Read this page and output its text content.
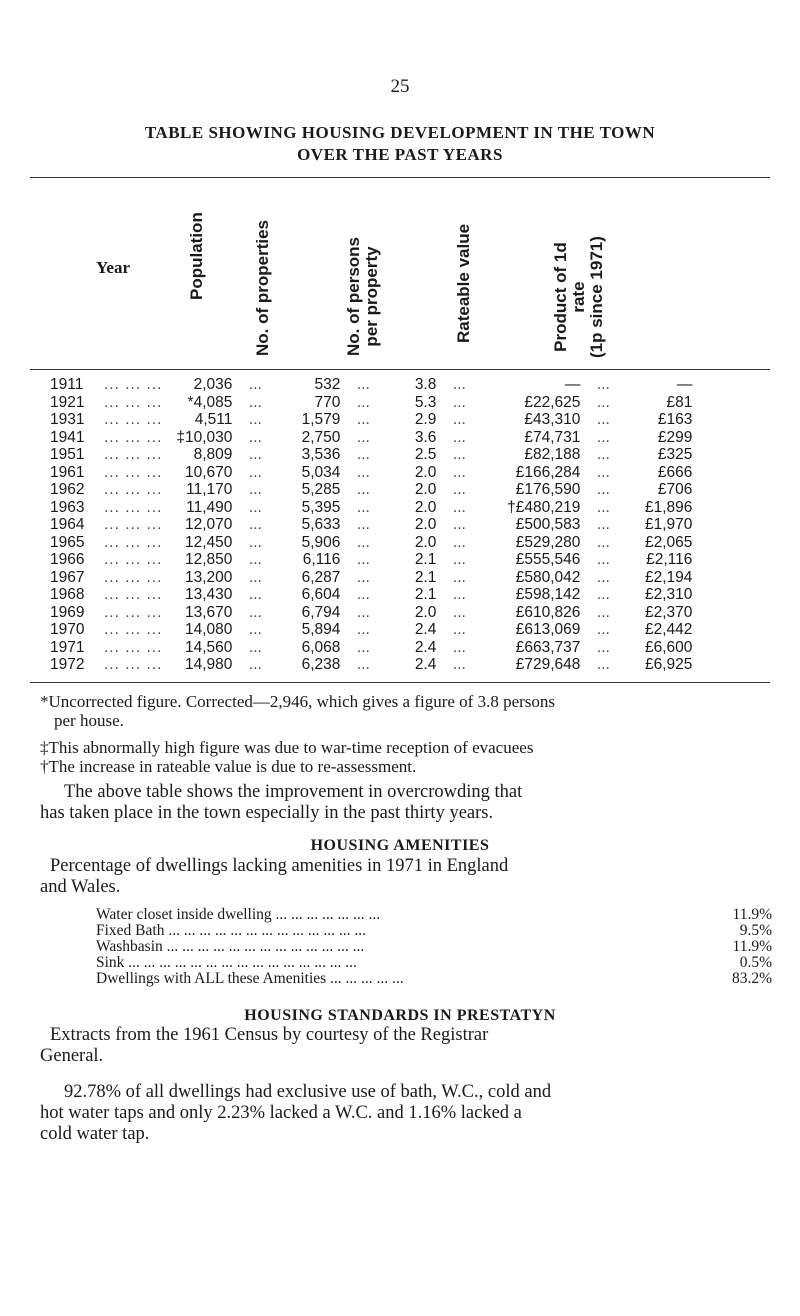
25
TABLE SHOWING HOUSING DEVELOPMENT IN THE TOWN
OVER THE PAST YEARS
Year	Population	No. of properties	No. of persons per property	Rateable value	Product of 1d rate (1p since 1971)
1911	... ... ...	2,036	...	532	...	3.8	...	—	...	—
1921	... ... ...	*4,085	...	770	...	5.3	...	£22,625	...	£81
1931	... ... ...	4,511	...	1,579	...	2.9	...	£43,310	...	£163
1941	... ... ...	‡10,030	...	2,750	...	3.6	...	£74,731	...	£299
1951	... ... ...	8,809	...	3,536	...	2.5	...	£82,188	...	£325
1961	... ... ...	10,670	...	5,034	...	2.0	...	£166,284	...	£666
1962	... ... ...	11,170	...	5,285	...	2.0	...	£176,590	...	£706
1963	... ... ...	11,490	...	5,395	...	2.0	...	†£480,219	...	£1,896
1964	... ... ...	12,070	...	5,633	...	2.0	...	£500,583	...	£1,970
1965	... ... ...	12,450	...	5,906	...	2.0	...	£529,280	...	£2,065
1966	... ... ...	12,850	...	6,116	...	2.1	...	£555,546	...	£2,116
1967	... ... ...	13,200	...	6,287	...	2.1	...	£580,042	...	£2,194
1968	... ... ...	13,430	...	6,604	...	2.1	...	£598,142	...	£2,310
1969	... ... ...	13,670	...	6,794	...	2.0	...	£610,826	...	£2,370
1970	... ... ...	14,080	...	5,894	...	2.4	...	£613,069	...	£2,442
1971	... ... ...	14,560	...	6,068	...	2.4	...	£663,737	...	£6,600
1972	... ... ...	14,980	...	6,238	...	2.4	...	£729,648	...	£6,925
*Uncorrected figure. Corrected—2,946, which gives a figure of 3.8 persons
per house.
‡This abnormally high figure was due to war-time reception of evacuees
†The increase in rateable value is due to re-assessment.
The above table shows the improvement in overcrowding that
has taken place in the town especially in the past thirty years.
HOUSING AMENITIES
Percentage of dwellings lacking amenities in 1971 in England
and Wales.
Water closet inside dwelling ... ... ... ... ... ... ...	11.9%
Fixed Bath ... ... ... ... ... ... ... ... ... ... ... ... ...	9.5%
Washbasin ... ... ... ... ... ... ... ... ... ... ... ... ...	11.9%
Sink ... ... ... ... ... ... ... ... ... ... ... ... ... ... ...	0.5%
Dwellings with ALL these Amenities ... ... ... ... ...	83.2%
HOUSING STANDARDS IN PRESTATYN
Extracts from the 1961 Census by courtesy of the Registrar
General.
92.78% of all dwellings had exclusive use of bath, W.C., cold and
hot water taps and only 2.23% lacked a W.C. and 1.16% lacked a
cold water tap.
